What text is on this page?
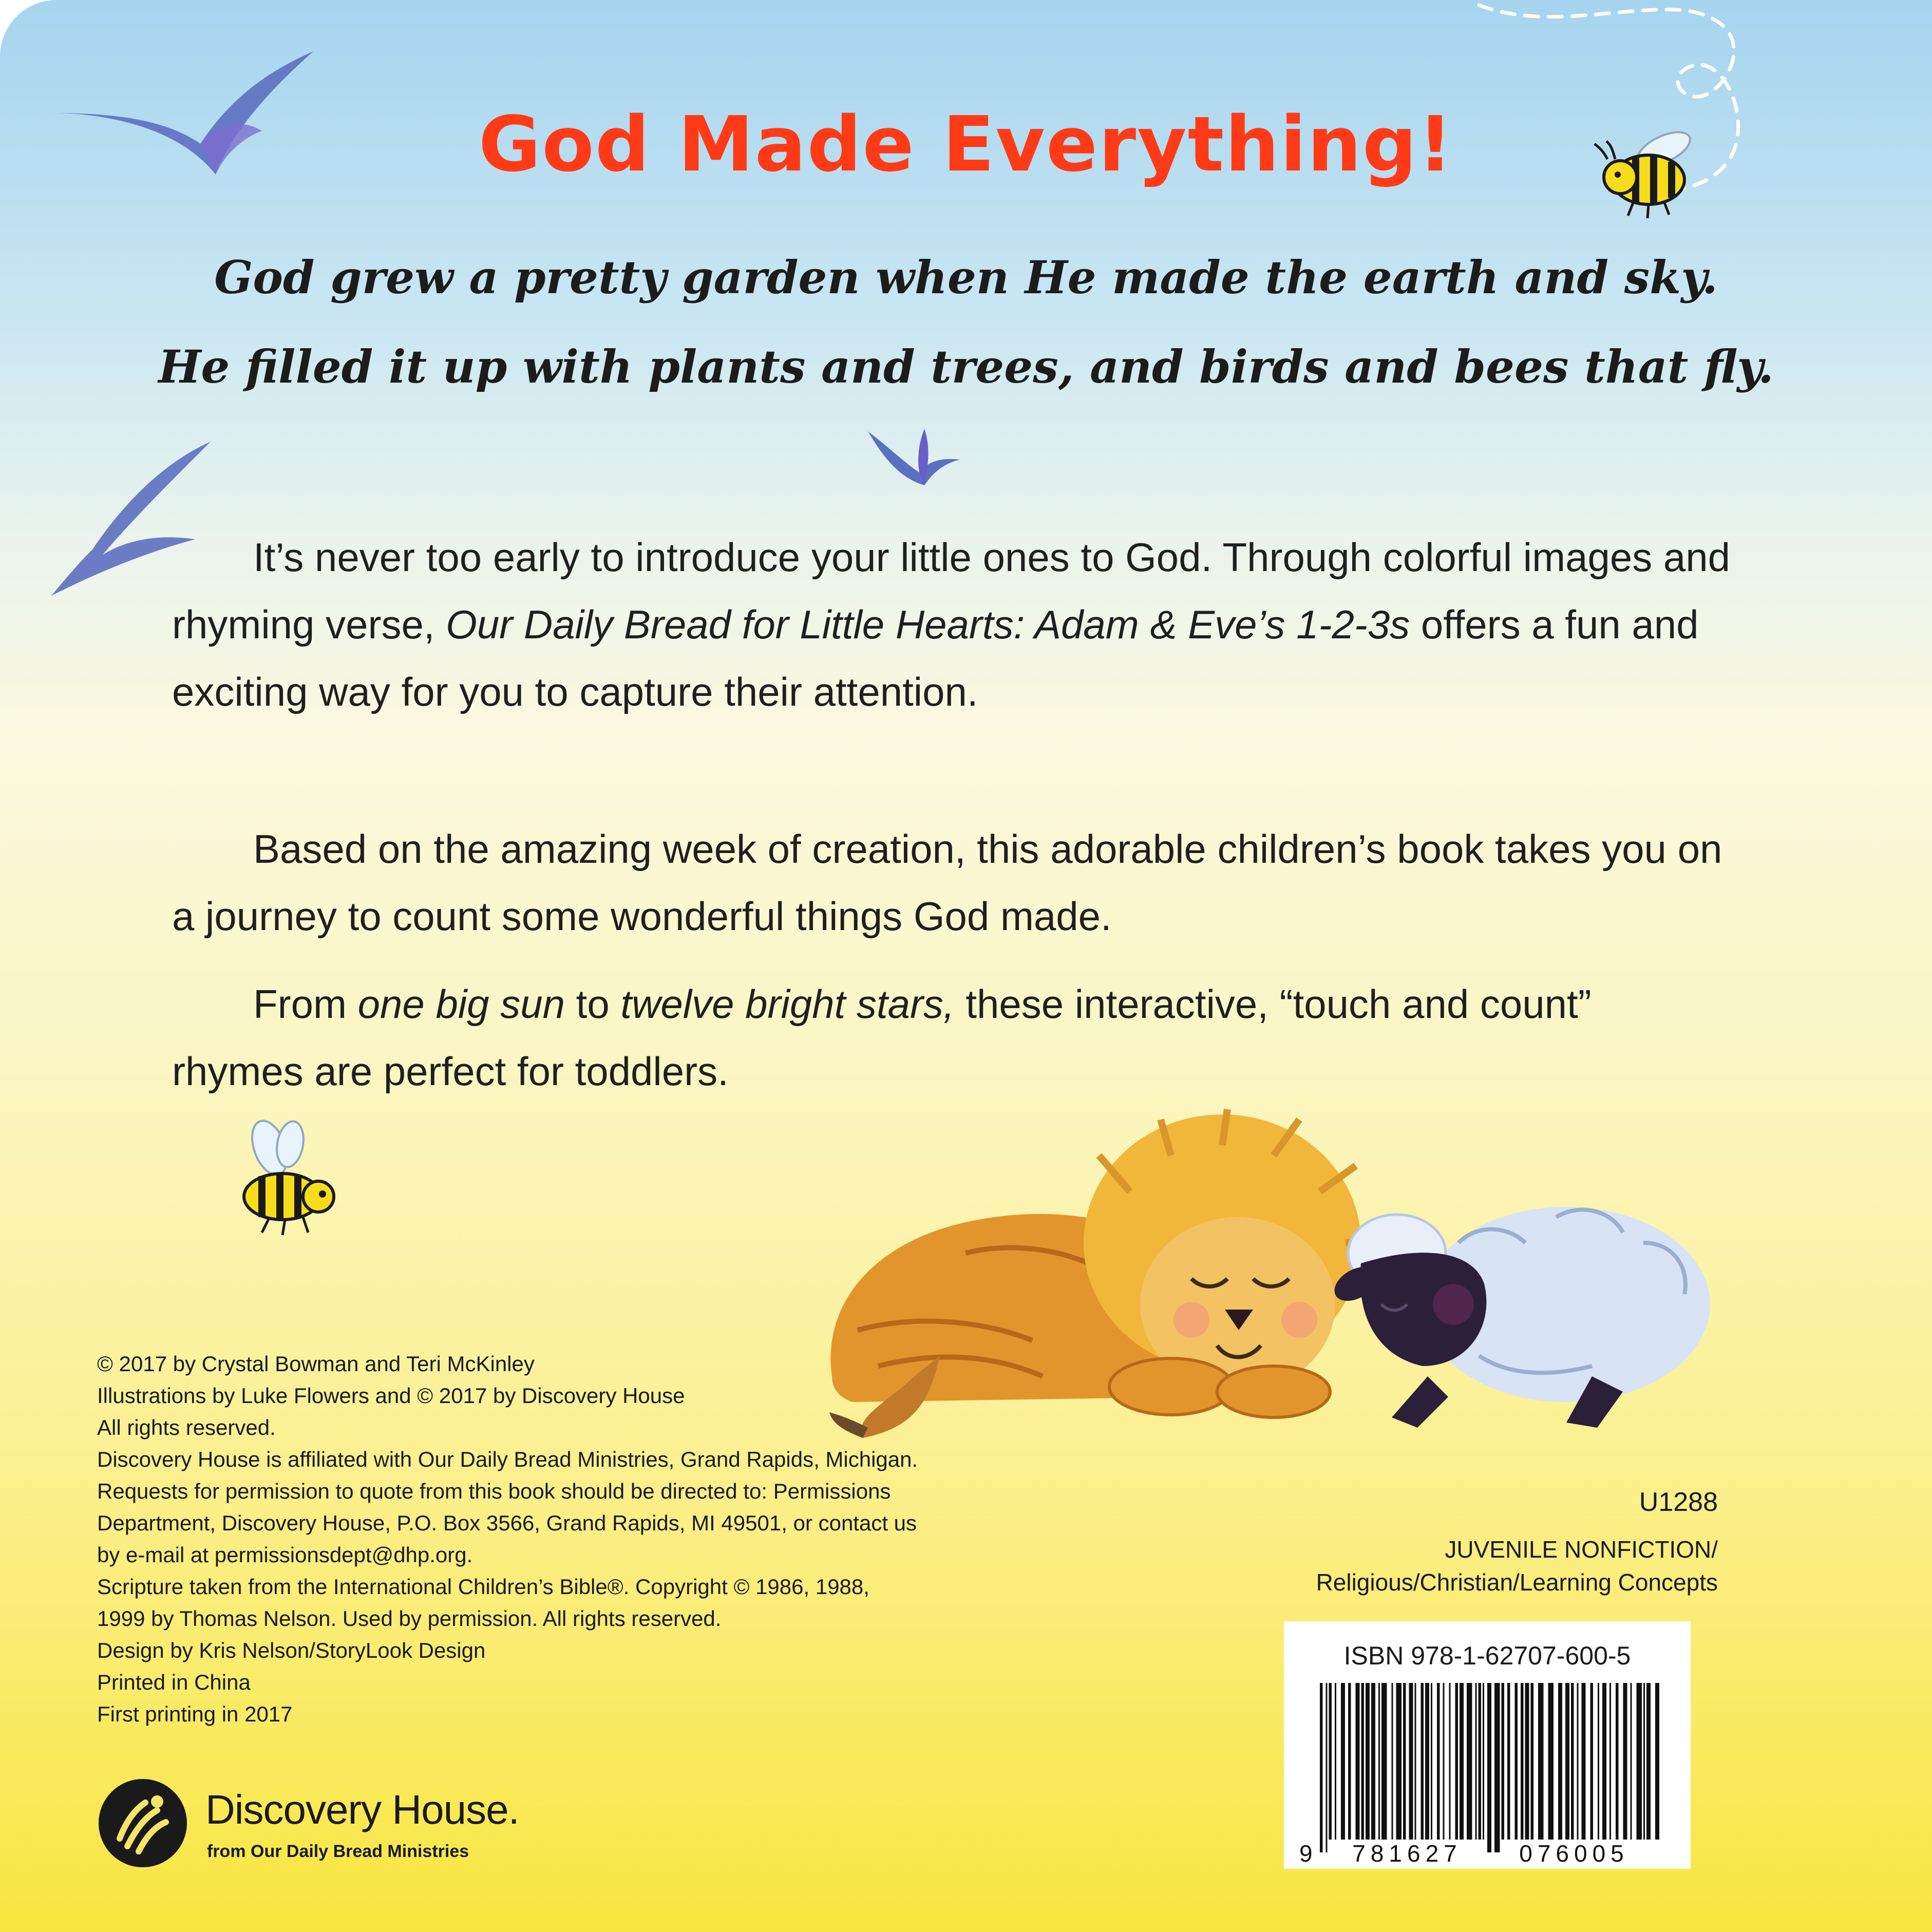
God Made Everything!
God grew a pretty garden when He made the earth and sky.
He filled it up with plants and trees, and birds and bees that fly.

It’s never too early to introduce your little ones to God. Through colorful images and rhyming verse, Our Daily Bread for Little Hearts: Adam & Eve’s 1-2-3s offers a fun and exciting way for you to capture their attention.

Based on the amazing week of creation, this adorable children’s book takes you on a journey to count some wonderful things God made.

From one big sun to twelve bright stars, these interactive, “touch and count” rhymes are perfect for toddlers.

© 2017 by Crystal Bowman and Teri McKinley
Illustrations by Luke Flowers and © 2017 by Discovery House
All rights reserved.
Discovery House is affiliated with Our Daily Bread Ministries, Grand Rapids, Michigan.
Requests for permission to quote from this book should be directed to: Permissions
Department, Discovery House, P.O. Box 3566, Grand Rapids, MI 49501, or contact us
by e-mail at permissionsdept@dhp.org.
Scripture taken from the International Children’s Bible®. Copyright © 1986, 1988,
1999 by Thomas Nelson. Used by permission. All rights reserved.
Design by Kris Nelson/StoryLook Design
Printed in China
First printing in 2017
U1288
JUVENILE NONFICTION/
Religious/Christian/Learning Concepts
9 781627 076005
ISBN 978-1-62707-600-5
Discovery House.
from Our Daily Bread Ministries
